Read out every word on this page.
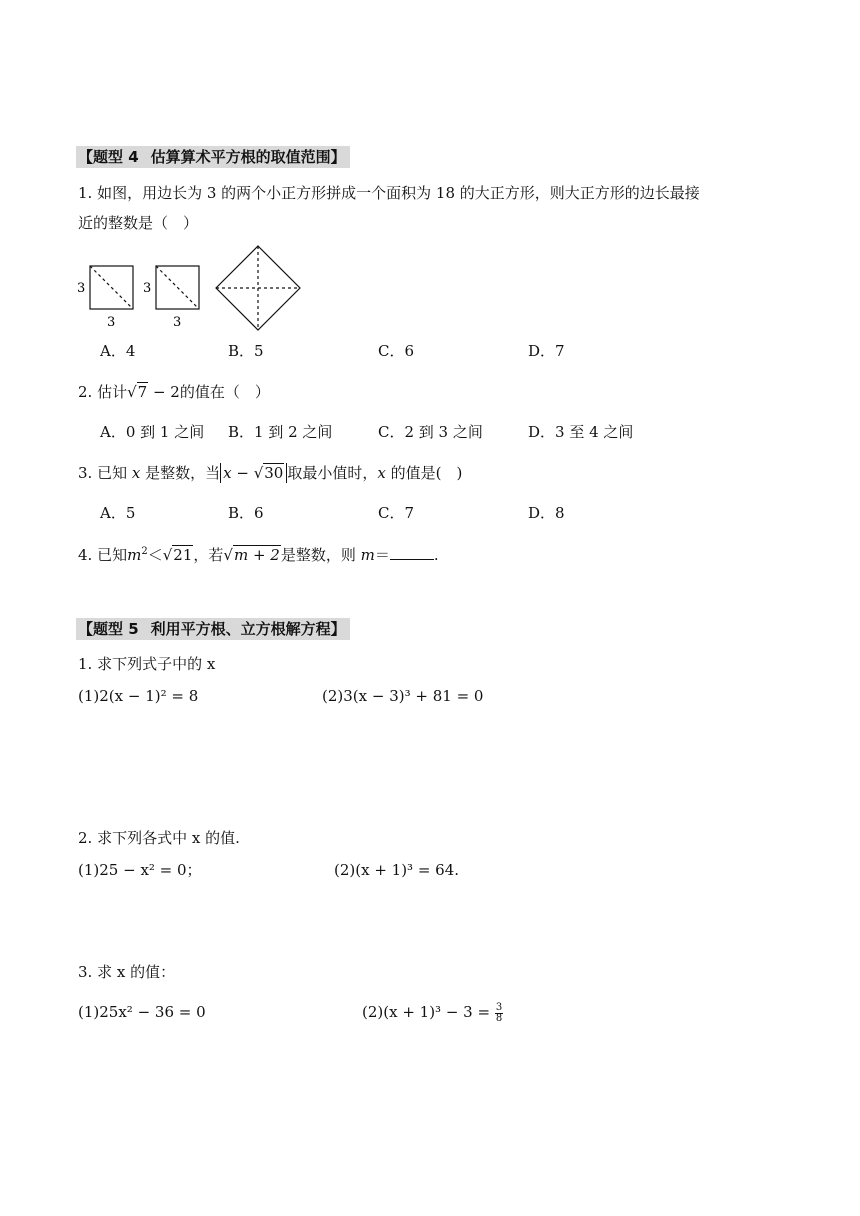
【题型 4 估算算术平方根的取值范围】
1. 如图，用边长为 3 的两个小正方形拼成一个面积为 18 的大正方形，则大正方形的边长最接
近的整数是（　）
3
3
3
3
A．4	B．5	C．6	D．7
2. 估计√7 − 2的值在（　）
A．0 到 1 之间 B．1 到 2 之间	C．2 到 3 之间	D．3 至 4 之间
3. 已知 x 是整数，当 x − √30 取最小值时，x 的值是(　)
A．5	B．6	C．7	D．8
4. 已知$m^2<√21$，若√m + 2是整数，则 m＝	.
【题型 5 利用平方根、立方根解方程】
1. 求下列式子中的 x
(1)2(x − 1)² = 8	(2)3(x − 3)³ + 81 = 0
2. 求下列各式中 x 的值.
(1)25 − x² = 0；	(2)(x + 1)³ = 64.
3. 求 x 的值：
(1)25x² − 36 = 0	$(2)(x + 1)^3 - 3 = \frac{3}{8}$
